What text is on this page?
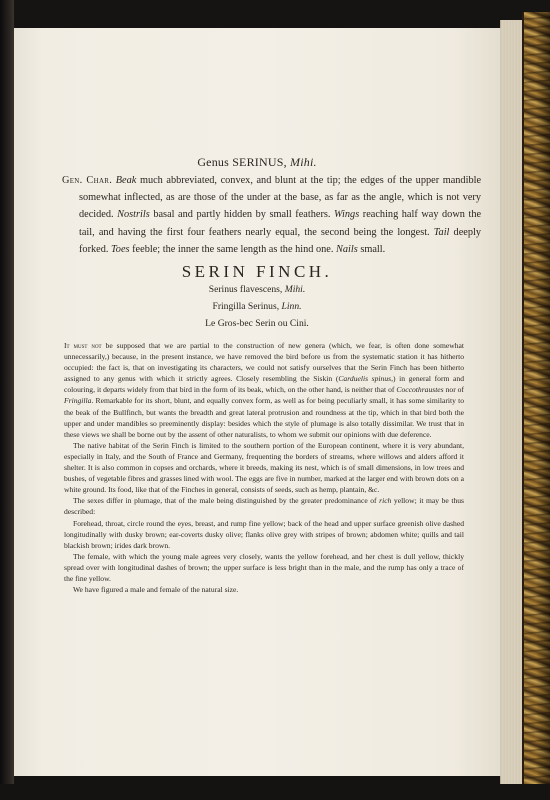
Genus SERINUS, Mihi.
Gen. Char. Beak much abbreviated, convex, and blunt at the tip; the edges of the upper mandible somewhat inflected, as are those of the under at the base, as far as the angle, which is not very decided. Nostrils basal and partly hidden by small feathers. Wings reaching half way down the tail, and having the first four feathers nearly equal, the second being the longest. Tail deeply forked. Toes feeble; the inner the same length as the hind one. Nails small.
SERIN FINCH.
Serinus flavescens, Mihi.
Fringilla Serinus, Linn.
Le Gros-bec Serin ou Cini.

It must not be supposed that we are partial to the construction of new genera (which, we fear, is often done somewhat unnecessarily,) because, in the present instance, we have removed the bird before us from the systematic station it has hitherto occupied: the fact is, that on investigating its characters, we could not satisfy ourselves that the Serin Finch has been hitherto assigned to any genus with which it strictly agrees. Closely resembling the Siskin (Carduelis spinus,) in general form and colouring, it departs widely from that bird in the form of its beak, which, on the other hand, is neither that of Coccothraustes nor of Fringilla. Remarkable for its short, blunt, and equally convex form, as well as for being peculiarly small, it has some similarity to the beak of the Bullfinch, but wants the breadth and great lateral protrusion and roundness at the tip, which in that bird both the upper and under mandibles so preeminently display: besides which the style of plumage is also totally dissimilar. We trust that in these views we shall be borne out by the assent of other naturalists, to whom we submit our opinions with due deference.

The native habitat of the Serin Finch is limited to the southern portion of the European continent, where it is very abundant, especially in Italy, and the South of France and Germany, frequenting the borders of streams, where willows and alders afford it shelter. It is also common in copses and orchards, where it breeds, making its nest, which is of small dimensions, in low trees and bushes, of vegetable fibres and grasses lined with wool. The eggs are five in number, marked at the larger end with brown dots on a white ground. Its food, like that of the Finches in general, consists of seeds, such as hemp, plantain, &c.

The sexes differ in plumage, that of the male being distinguished by the greater predominance of rich yellow; it may be thus described:

Forehead, throat, circle round the eyes, breast, and rump fine yellow; back of the head and upper surface greenish olive dashed longitudinally with dusky brown; ear-coverts dusky olive; flanks olive grey with stripes of brown; abdomen white; quills and tail blackish brown; irides dark brown.

The female, with which the young male agrees very closely, wants the yellow forehead, and her chest is dull yellow, thickly spread over with longitudinal dashes of brown; the upper surface is less bright than in the male, and the rump has only a trace of the fine yellow.

We have figured a male and female of the natural size.
